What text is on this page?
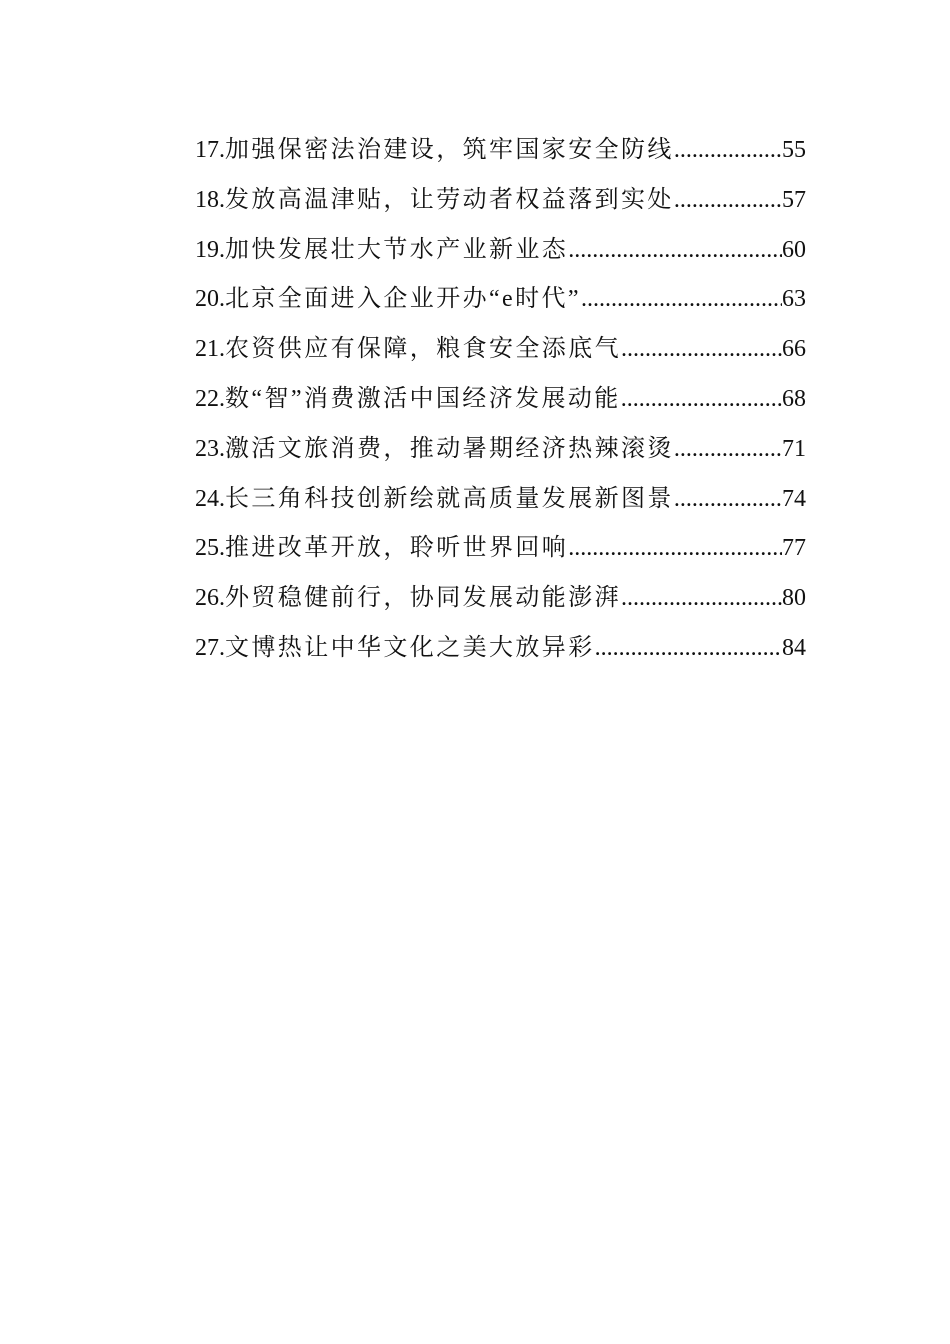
17. 加强保密法治建设，筑牢国家安全防线 .....	55
18. 发放高温津贴，让劳动者权益落到实处 .....	57
19. 加快发展壮大节水产业新业态 .....	60
20. 北京全面进入企业开办“e时代” .....	63
21. 农资供应有保障，粮食安全添底气 .....	66
22. 数“智”消费激活中国经济发展动能 .....	68
23. 激活文旅消费，推动暑期经济热辣滚烫 .....	71
24. 长三角科技创新绘就高质量发展新图景 .....	74
25. 推进改革开放，聆听世界回响 .....	77
26. 外贸稳健前行，协同发展动能澎湃 .....	80
27. 文博热让中华文化之美大放异彩 .....	84
